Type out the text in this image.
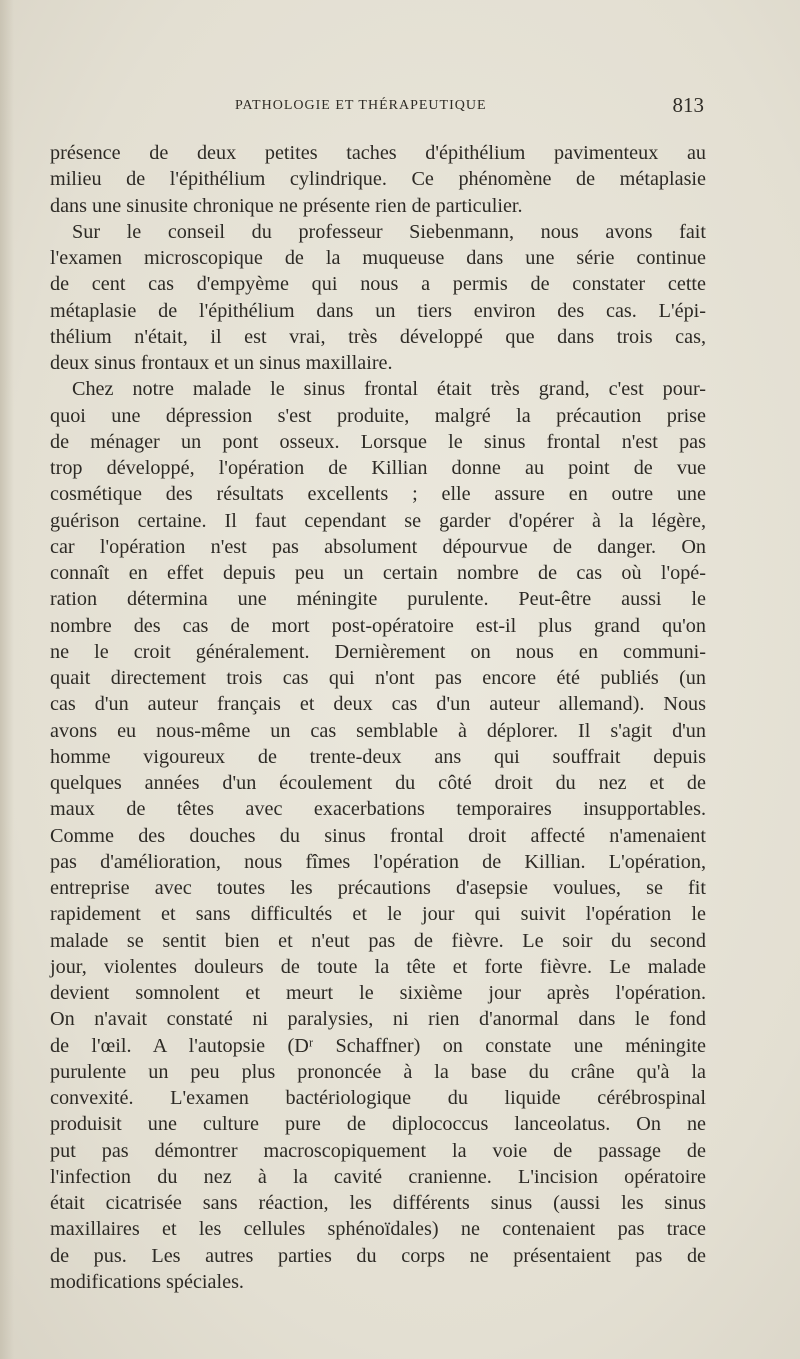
PATHOLOGIE ET THÉRAPEUTIQUE	813
présence de deux petites taches d'épithélium pavimenteux au
milieu de l'épithélium cylindrique. Ce phénomène de métaplasie
dans une sinusite chronique ne présente rien de particulier.
Sur le conseil du professeur Siebenmann, nous avons fait
l'examen microscopique de la muqueuse dans une série continue
de cent cas d'empyème qui nous a permis de constater cette
métaplasie de l'épithélium dans un tiers environ des cas. L'épi-
thélium n'était, il est vrai, très développé que dans trois cas,
deux sinus frontaux et un sinus maxillaire.
Chez notre malade le sinus frontal était très grand, c'est pour-
quoi une dépression s'est produite, malgré la précaution prise
de ménager un pont osseux. Lorsque le sinus frontal n'est pas
trop développé, l'opération de Killian donne au point de vue
cosmétique des résultats excellents ; elle assure en outre une
guérison certaine. Il faut cependant se garder d'opérer à la légère,
car l'opération n'est pas absolument dépourvue de danger. On
connaît en effet depuis peu un certain nombre de cas où l'opé-
ration détermina une méningite purulente. Peut-être aussi le
nombre des cas de mort post-opératoire est-il plus grand qu'on
ne le croit généralement. Dernièrement on nous en communi-
quait directement trois cas qui n'ont pas encore été publiés (un
cas d'un auteur français et deux cas d'un auteur allemand). Nous
avons eu nous-même un cas semblable à déplorer. Il s'agit d'un
homme vigoureux de trente-deux ans qui souffrait depuis
quelques années d'un écoulement du côté droit du nez et de
maux de têtes avec exacerbations temporaires insupportables.
Comme des douches du sinus frontal droit affecté n'amenaient
pas d'amélioration, nous fîmes l'opération de Killian. L'opération,
entreprise avec toutes les précautions d'asepsie voulues, se fit
rapidement et sans difficultés et le jour qui suivit l'opération le
malade se sentit bien et n'eut pas de fièvre. Le soir du second
jour, violentes douleurs de toute la tête et forte fièvre. Le malade
devient somnolent et meurt le sixième jour après l'opération.
On n'avait constaté ni paralysies, ni rien d'anormal dans le fond
de l'œil. A l'autopsie (Dʳ Schaffner) on constate une méningite
purulente un peu plus prononcée à la base du crâne qu'à la
convexité. L'examen bactériologique du liquide cérébrospinal
produisit une culture pure de diplococcus lanceolatus. On ne
put pas démontrer macroscopiquement la voie de passage de
l'infection du nez à la cavité cranienne. L'incision opératoire
était cicatrisée sans réaction, les différents sinus (aussi les sinus
maxillaires et les cellules sphénoïdales) ne contenaient pas trace
de pus. Les autres parties du corps ne présentaient pas de
modifications spéciales.
